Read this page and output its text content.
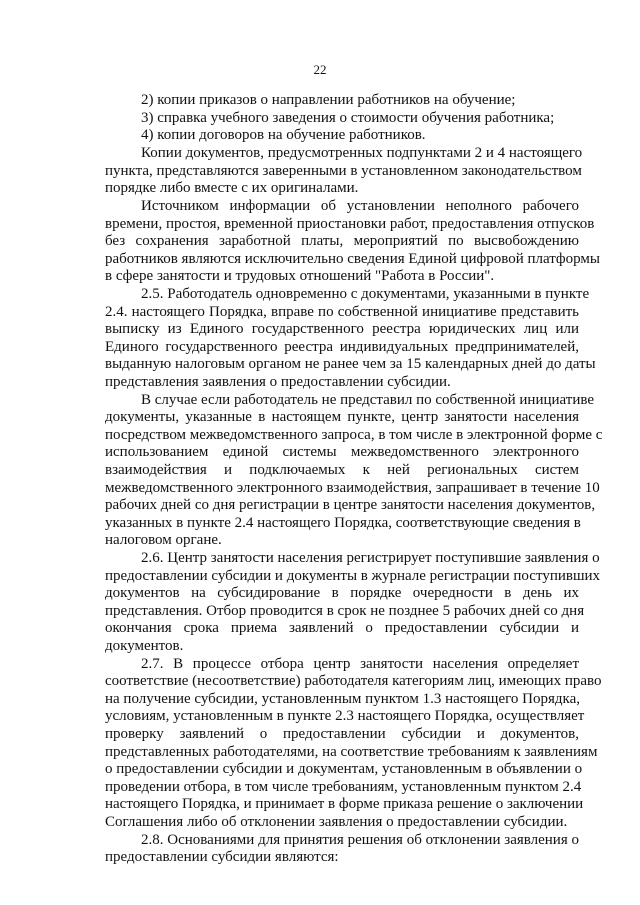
22
2) копии приказов о направлении работников на обучение;
3) справка учебного заведения о стоимости обучения работника;
4) копии договоров на обучение работников.
Копии документов, предусмотренных подпунктами 2 и 4 настоящего
пункта, представляются заверенными в установленном законодательством
порядке либо вместе с их оригиналами.
Источником информации об установлении неполного рабочего
времени, простоя, временной приостановки работ, предоставления отпусков
без сохранения заработной платы, мероприятий по высвобождению
работников являются исключительно сведения Единой цифровой платформы
в сфере занятости и трудовых отношений "Работа в России".
2.5. Работодатель одновременно с документами, указанными в пункте
2.4. настоящего Порядка, вправе по собственной инициативе представить
выписку из Единого государственного реестра юридических лиц или
Единого государственного реестра индивидуальных предпринимателей,
выданную налоговым органом не ранее чем за 15 календарных дней до даты
представления заявления о предоставлении субсидии.
В случае если работодатель не представил по собственной инициативе
документы, указанные в настоящем пункте, центр занятости населения
посредством межведомственного запроса, в том числе в электронной форме с
использованием единой системы межведомственного электронного
взаимодействия и подключаемых к ней региональных систем
межведомственного электронного взаимодействия, запрашивает в течение 10
рабочих дней со дня регистрации в центре занятости населения документов,
указанных в пункте 2.4 настоящего Порядка, соответствующие сведения в
налоговом органе.
2.6. Центр занятости населения регистрирует поступившие заявления о
предоставлении субсидии и документы в журнале регистрации поступивших
документов на субсидирование в порядке очередности в день их
представления. Отбор проводится в срок не позднее 5 рабочих дней со дня
окончания срока приема заявлений о предоставлении субсидии и
документов.
2.7. В процессе отбора центр занятости населения определяет
соответствие (несоответствие) работодателя категориям лиц, имеющих право
на получение субсидии, установленным пунктом 1.3 настоящего Порядка,
условиям, установленным в пункте 2.3 настоящего Порядка, осуществляет
проверку заявлений о предоставлении субсидии и документов,
представленных работодателями, на соответствие требованиям к заявлениям
о предоставлении субсидии и документам, установленным в объявлении о
проведении отбора, в том числе требованиям, установленным пунктом 2.4
настоящего Порядка, и принимает в форме приказа решение о заключении
Соглашения либо об отклонении заявления о предоставлении субсидии.
2.8. Основаниями для принятия решения об отклонении заявления о
предоставлении субсидии являются:
